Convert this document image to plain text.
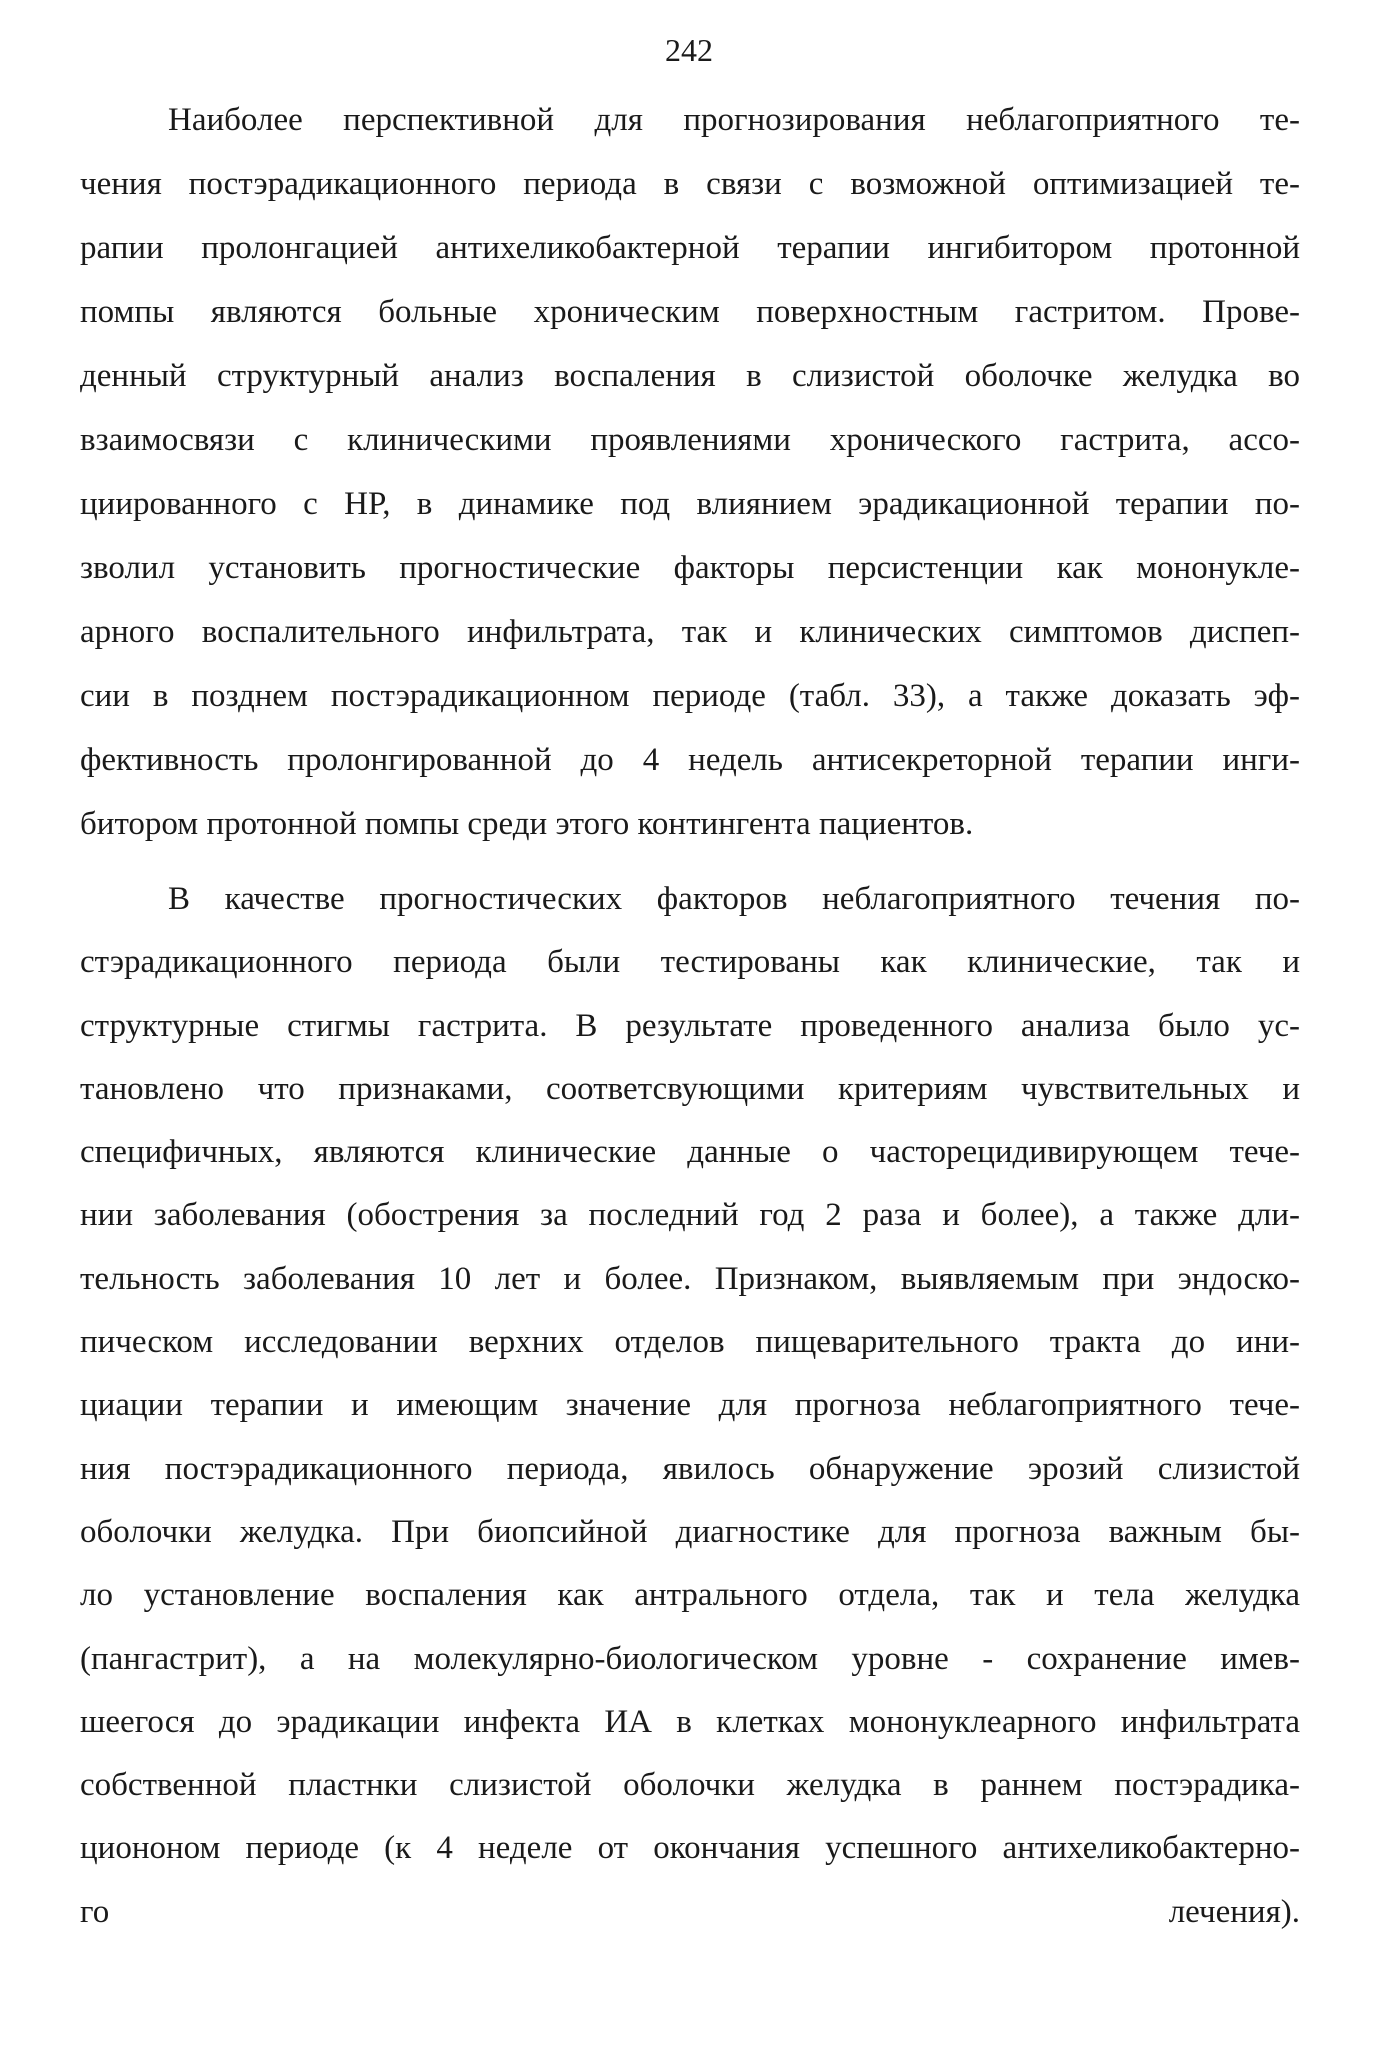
242
Наиболее перспективной для прогнозирования неблагоприятного те-
чения постэрадикационного периода в связи с возможной оптимизацией те-
рапии пролонгацией антихеликобактерной терапии ингибитором протонной
помпы являются больные хроническим поверхностным гастритом. Прове-
денный структурный анализ воспаления в слизистой оболочке желудка во
взаимосвязи с клиническими проявлениями хронического гастрита, ассо-
циированного с НР, в динамике под влиянием эрадикационной терапии по-
зволил установить прогностические факторы персистенции как мононукле-
арного воспалительного инфильтрата, так и клинических симптомов диспеп-
сии в позднем постэрадикационном периоде (табл. 33), а также доказать эф-
фективность пролонгированной до 4 недель антисекреторной терапии инги-
битором протонной помпы среди этого контингента пациентов.
В качестве прогностических факторов неблагоприятного течения по-
стэрадикационного периода были тестированы как клинические, так и
структурные стигмы гастрита. В результате проведенного анализа было ус-
тановлено что признаками, соответсвующими критериям чувствительных и
специфичных, являются клинические данные о часторецидивирующем тече-
нии заболевания (обострения за последний год 2 раза и более), а также дли-
тельность заболевания 10 лет и более. Признаком, выявляемым при эндоско-
пическом исследовании верхних отделов пищеварительного тракта до ини-
циации терапии и имеющим значение для прогноза неблагоприятного тече-
ния постэрадикационного периода, явилось обнаружение эрозий слизистой
оболочки желудка. При биопсийной диагностике для прогноза важным бы-
ло установление воспаления как антрального отдела, так и тела желудка
(пангастрит), а на молекулярно-биологическом уровне - сохранение имев-
шеегося до эрадикации инфекта ИА в клетках мононуклеарного инфильтрата
собственной пластнки слизистой оболочки желудка в раннем постэрадика-
циононом периоде (к 4 неделе от окончания успешного антихеликобактерно-
го лечения).
